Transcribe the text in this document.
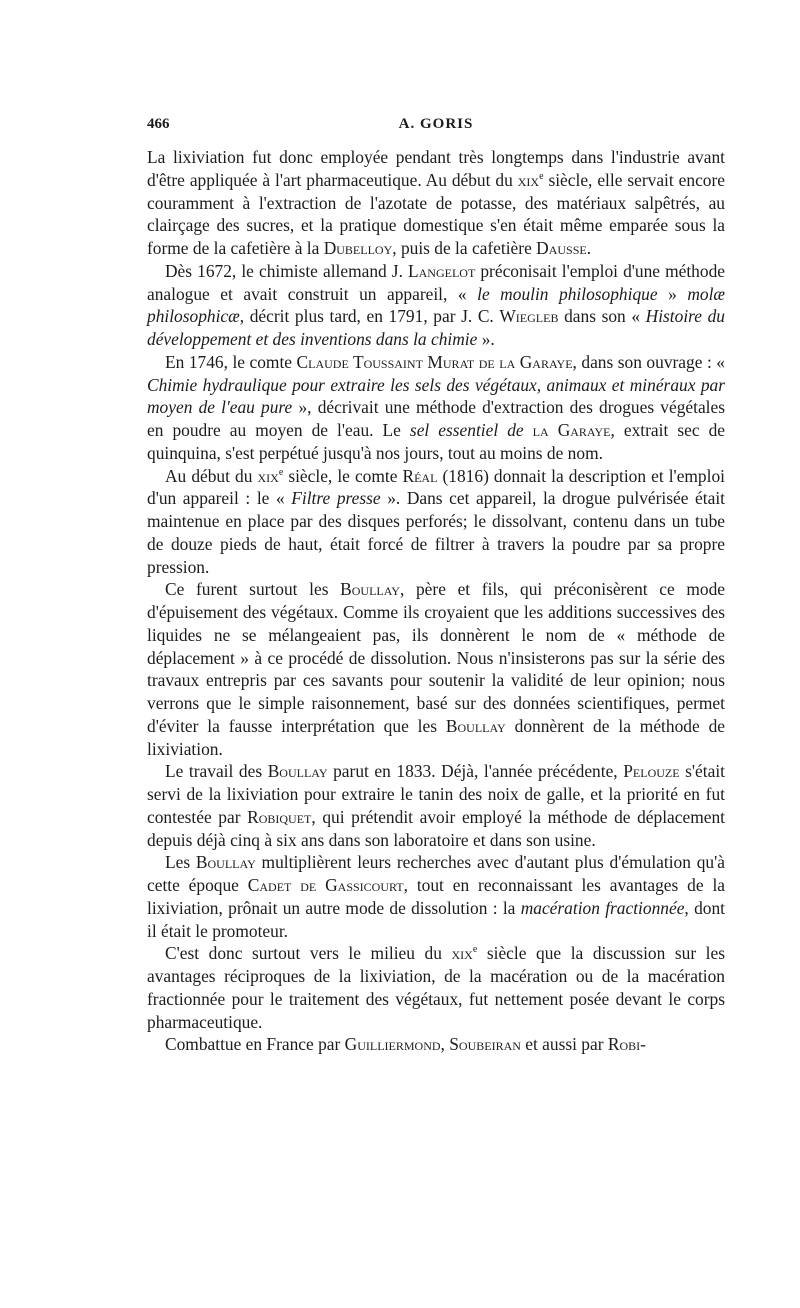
466	A. GORIS

La lixiviation fut donc employée pendant très longtemps dans l'industrie avant d'être appliquée à l'art pharmaceutique. Au début du xix$^e$ siècle, elle servait encore couramment à l'extraction de l'azotate de potasse, des matériaux salpêtrés, au clairçage des sucres, et la pratique domestique s'en était même emparée sous la forme de la cafetière à la Dubelloy, puis de la cafetière Dausse.

Dès 1672, le chimiste allemand J. Langelot préconisait l'emploi d'une méthode analogue et avait construit un appareil, « le moulin philosophique » molæ philosophicæ, décrit plus tard, en 1791, par J. C. Wiegleb dans son « Histoire du développement et des inventions dans la chimie ».

En 1746, le comte Claude Toussaint Murat de la Garaye, dans son ouvrage : « Chimie hydraulique pour extraire les sels des végétaux, animaux et minéraux par moyen de l'eau pure », décrivait une méthode d'extraction des drogues végétales en poudre au moyen de l'eau. Le sel essentiel de la Garaye, extrait sec de quinquina, s'est perpétué jusqu'à nos jours, tout au moins de nom.

Au début du xix$^e$ siècle, le comte Réal (1816) donnait la description et l'emploi d'un appareil : le « Filtre presse ». Dans cet appareil, la drogue pulvérisée était maintenue en place par des disques perforés; le dissolvant, contenu dans un tube de douze pieds de haut, était forcé de filtrer à travers la poudre par sa propre pression.

Ce furent surtout les Boullay, père et fils, qui préconisèrent ce mode d'épuisement des végétaux. Comme ils croyaient que les additions successives des liquides ne se mélangeaient pas, ils donnèrent le nom de « méthode de déplacement » à ce procédé de dissolution. Nous n'insisterons pas sur la série des travaux entrepris par ces savants pour soutenir la validité de leur opinion; nous verrons que le simple raisonnement, basé sur des données scientifiques, permet d'éviter la fausse interprétation que les Boullay donnèrent de la méthode de lixiviation.

Le travail des Boullay parut en 1833. Déjà, l'année précédente, Pelouze s'était servi de la lixiviation pour extraire le tanin des noix de galle, et la priorité en fut contestée par Robiquet, qui prétendit avoir employé la méthode de déplacement depuis déjà cinq à six ans dans son laboratoire et dans son usine.

Les Boullay multiplièrent leurs recherches avec d'autant plus d'émulation qu'à cette époque Cadet de Gassicourt, tout en reconnaissant les avantages de la lixiviation, prônait un autre mode de dissolution : la macération fractionnée, dont il était le promoteur.

C'est donc surtout vers le milieu du xix$^e$ siècle que la discussion sur les avantages réciproques de la lixiviation, de la macération ou de la macération fractionnée pour le traitement des végétaux, fut nettement posée devant le corps pharmaceutique.

Combattue en France par Guilliermond, Soubeiran et aussi par Robi-
